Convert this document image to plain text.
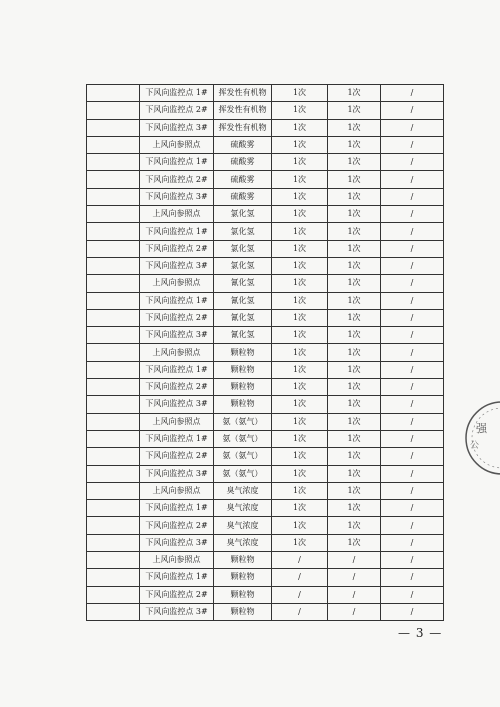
	下风向监控点 1#	挥发性有机物	1次	1次	/
	下风向监控点 2#	挥发性有机物	1次	1次	/
	下风向监控点 3#	挥发性有机物	1次	1次	/
	上风向参照点	硫酸雾	1次	1次	/
	下风向监控点 1#	硫酸雾	1次	1次	/
	下风向监控点 2#	硫酸雾	1次	1次	/
	下风向监控点 3#	硫酸雾	1次	1次	/
	上风向参照点	氯化氢	1次	1次	/
	下风向监控点 1#	氯化氢	1次	1次	/
	下风向监控点 2#	氯化氢	1次	1次	/
	下风向监控点 3#	氯化氢	1次	1次	/
	上风向参照点	氰化氢	1次	1次	/
	下风向监控点 1#	氰化氢	1次	1次	/
	下风向监控点 2#	氰化氢	1次	1次	/
	下风向监控点 3#	氰化氢	1次	1次	/
	上风向参照点	颗粒物	1次	1次	/
	下风向监控点 1#	颗粒物	1次	1次	/
	下风向监控点 2#	颗粒物	1次	1次	/
	下风向监控点 3#	颗粒物	1次	1次	/
	上风向参照点	氨（氨气）	1次	1次	/
	下风向监控点 1#	氨（氨气）	1次	1次	/
	下风向监控点 2#	氨（氨气）	1次	1次	/
	下风向监控点 3#	氨（氨气）	1次	1次	/
	上风向参照点	臭气浓度	1次	1次	/
	下风向监控点 1#	臭气浓度	1次	1次	/
	下风向监控点 2#	臭气浓度	1次	1次	/
	下风向监控点 3#	臭气浓度	1次	1次	/
	上风向参照点	颗粒物	/	/	/
	下风向监控点 1#	颗粒物	/	/	/
	下风向监控点 2#	颗粒物	/	/	/
	下风向监控点 3#	颗粒物	/	/	/
强
公
— 3 —
